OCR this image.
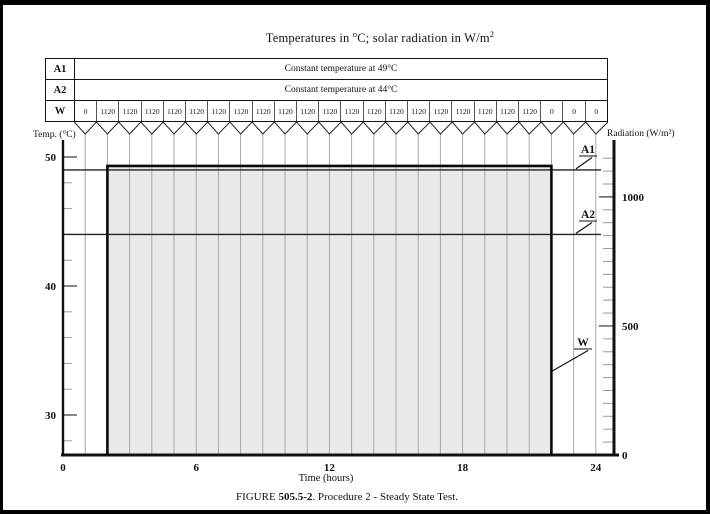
Temperatures in $^o$C; solar radiation in $W/m^2$
A1	Constant temperature at 49°C
A2	Constant temperature at 44°C
W	0	1120 1120 1120 1120 1120 1120 1120 1120 1120 1120 1120 1120 1120 1120 1120 1120 1120 1120 1120 1120	0	0	0
50
40
30
0
500
1000
0	6	12	18	24
Temp. (°C)	Radiation (W/m²)
Time (hours)
A1
A2
W
FIGURE 505.5-2. Procedure 2 - Steady State Test.
